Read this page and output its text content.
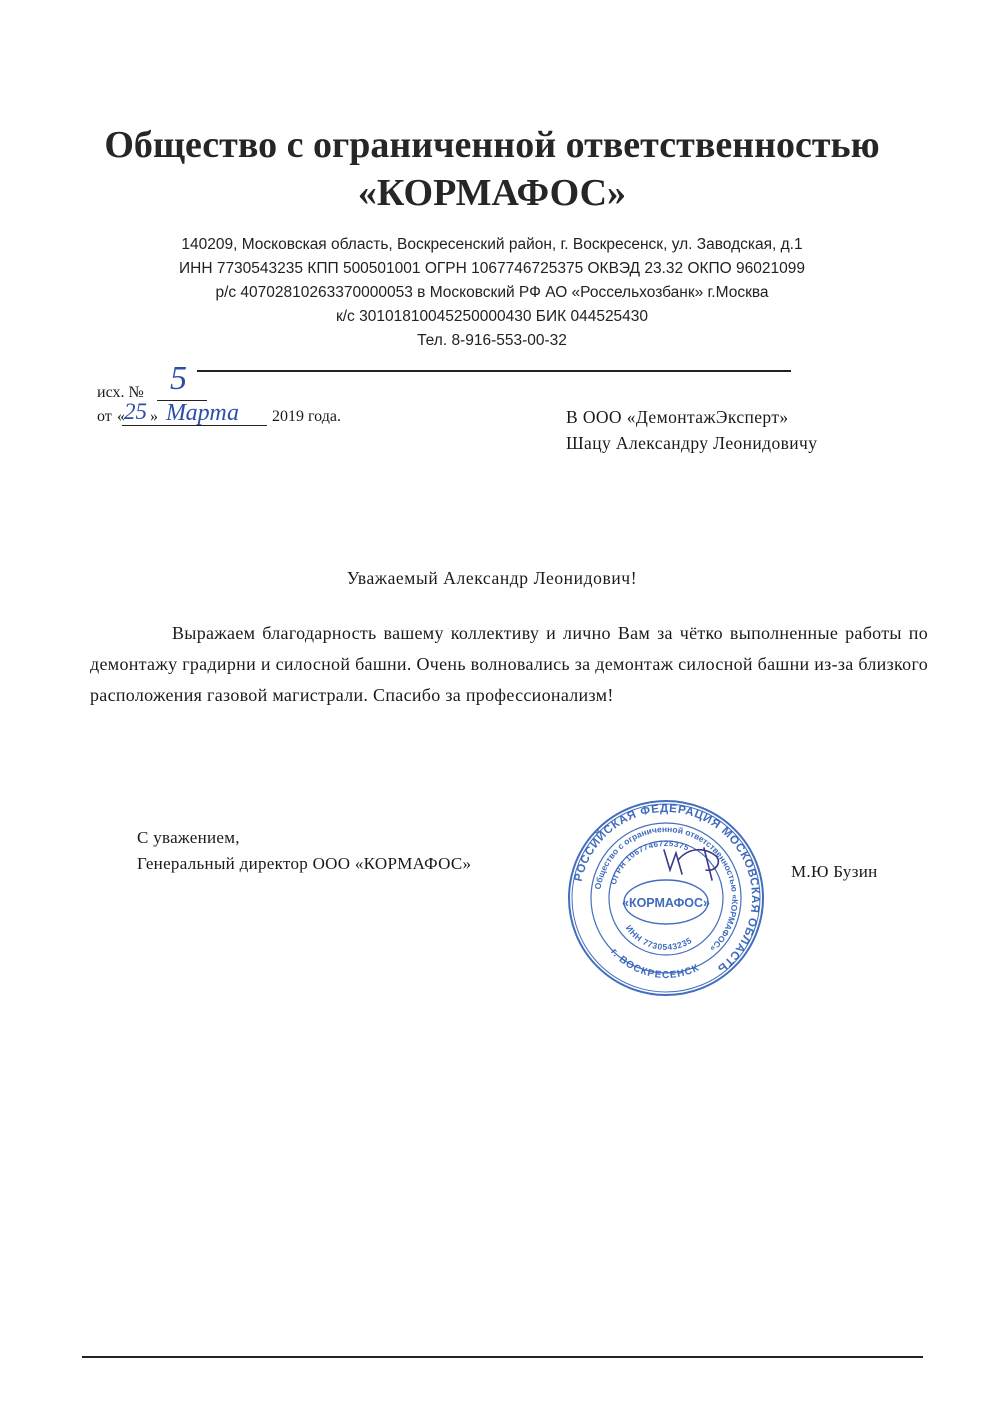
Общество с ограниченной ответственностью
«КОРМАФОС»
140209, Московская область, Воскресенский район, г. Воскресенск, ул. Заводская, д.1
ИНН 7730543235 КПП 500501001 ОГРН 1067746725375 ОКВЭД 23.32 ОКПО 96021099
р/с 40702810263370000053 в Московский РФ АО «Россельхозбанк» г.Москва
к/с 30101810045250000430 БИК 044525430
Тел. 8-916-553-00-32
исх. № 5
от « 25 » Марта 2019 года.	В ООО «ДемонтажЭксперт»
Шацу Александру Леонидовичу
Уважаемый Александр Леонидович!
Выражаем благодарность вашему коллективу и лично Вам за чётко выполненные работы по демонтажу градирни и силосной башни. Очень волновались за демонтаж силосной башни из-за близкого расположения газовой магистрали. Спасибо за профессионализм!
С уважением,
Генеральный директор ООО «КОРМАФОС»	М.Ю Бузин
РОССИЙСКАЯ ФЕДЕРАЦИЯ МОСКОВСКАЯ ОБЛАСТЬ
Общество с ограниченной ответственностью «КОРМАФОС»
ОГРН 1067746725375
«КОРМАФОС»
ИНН 7730543235
г. ВОСКРЕСЕНСК
